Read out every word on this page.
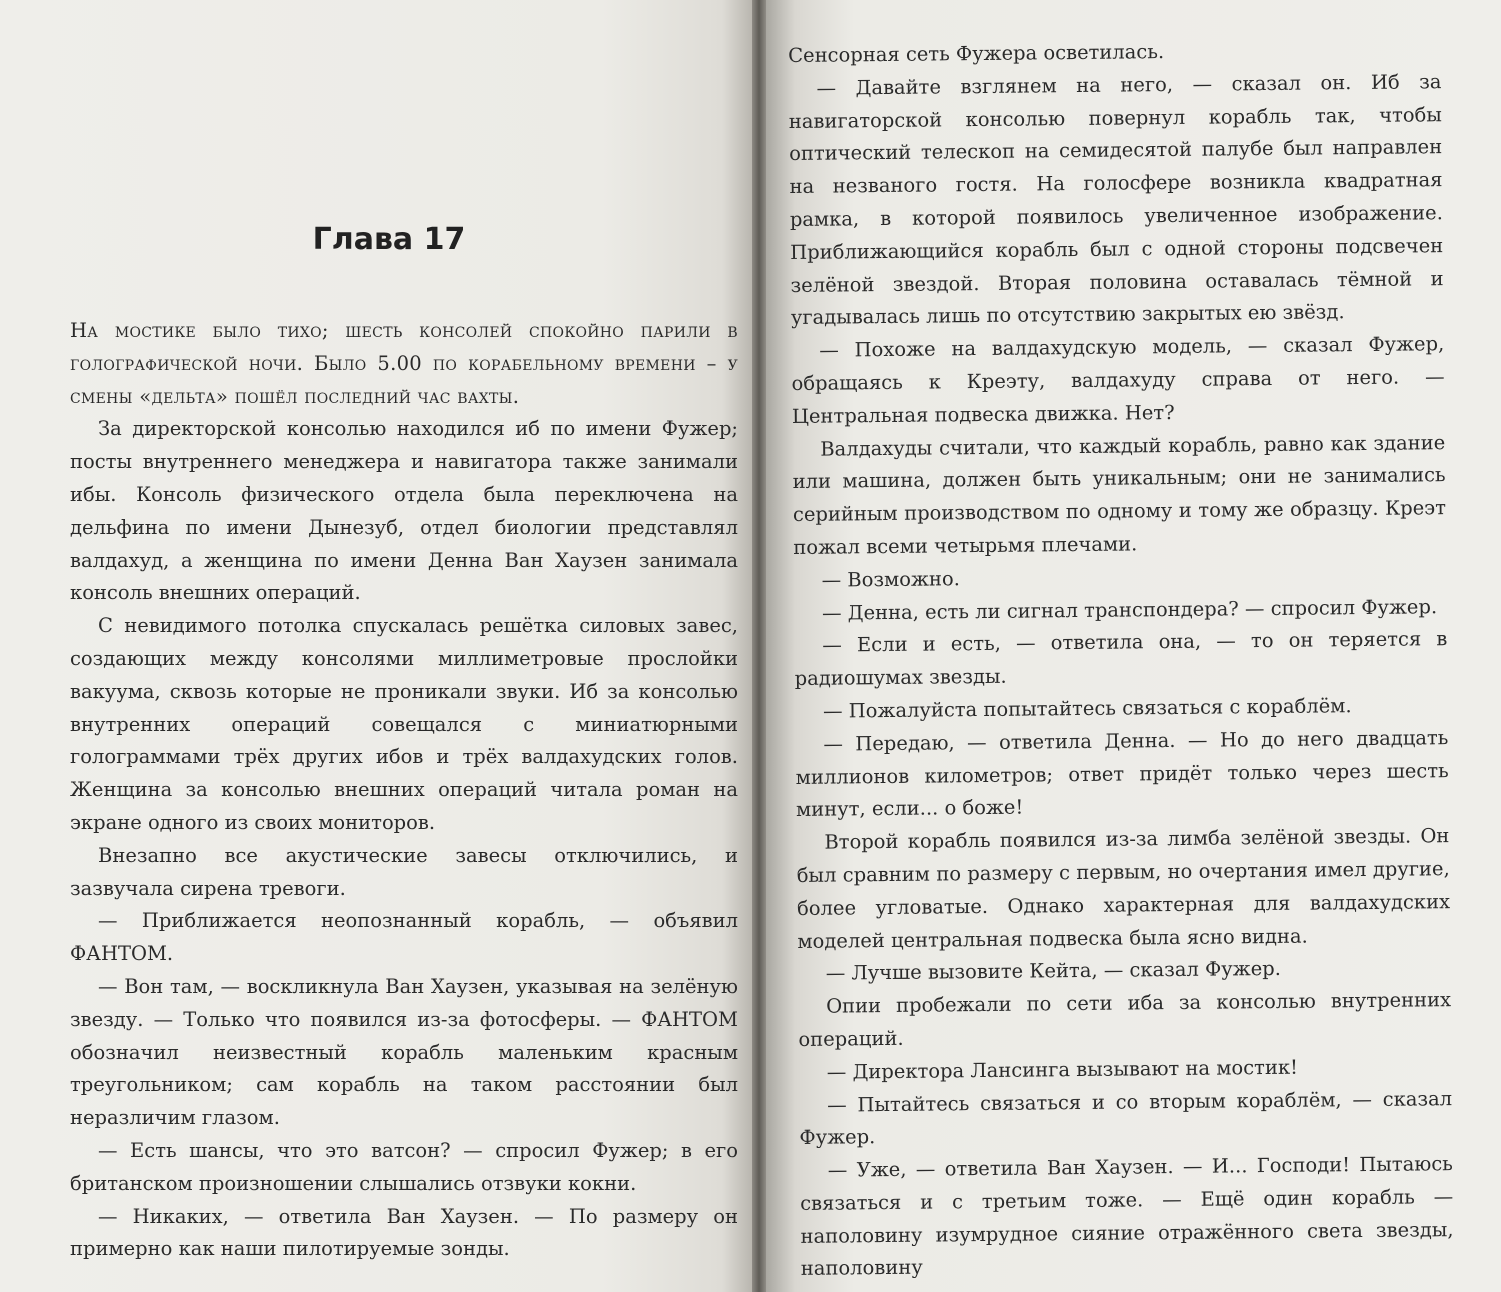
Глава 17

На мостике было тихо; шесть консолей спокойно парили в голографической ночи. Было 5.00 по корабельному времени – у смены «дельта» пошёл последний час вахты.

За директорской консолью находился иб по имени Фужер; посты внутреннего менеджера и навигатора также занимали ибы. Консоль физического отдела была переключена на дельфина по имени Дынезуб, отдел биологии представлял валдахуд, а женщина по имени Денна Ван Хаузен занимала консоль внешних операций.

С невидимого потолка спускалась решётка силовых завес, создающих между консолями миллиметровые прослойки вакуума, сквозь которые не проникали звуки. Иб за консолью внутренних операций совещался с миниатюрными голограммами трёх других ибов и трёх валдахудских голов. Женщина за консолью внешних операций читала роман на экране одного из своих мониторов.

Внезапно все акустические завесы отключились, и зазвучала сирена тревоги.

— Приближается неопознанный корабль, — объявил ФАНТОМ.

— Вон там, — воскликнула Ван Хаузен, указывая на зелёную звезду. — Только что появился из-за фотосферы. — ФАНТОМ обозначил неизвестный корабль маленьким красным треугольником; сам корабль на таком расстоянии был неразличим глазом.

— Есть шансы, что это ватсон? — спросил Фужер; в его британском произношении слышались отзвуки кокни.

— Никаких, — ответила Ван Хаузен. — По размеру он примерно как наши пилотируемые зонды.

Сенсорная сеть Фужера осветилась.

— Давайте взглянем на него, — сказал он. Иб за навигаторской консолью повернул корабль так, чтобы оптический телескоп на семидесятой палубе был направлен на незваного гостя. На голосфере возникла квадратная рамка, в которой появилось увеличенное изображение. Приближающийся корабль был с одной стороны подсвечен зелёной звездой. Вторая половина оставалась тёмной и угадывалась лишь по отсутствию закрытых ею звёзд.

— Похоже на валдахудскую модель, — сказал Фужер, обращаясь к Креэту, валдахуду справа от него. — Центральная подвеска движка. Нет?

Валдахуды считали, что каждый корабль, равно как здание или машина, должен быть уникальным; они не занимались серийным производством по одному и тому же образцу. Креэт пожал всеми четырьмя плечами.

— Возможно.

— Денна, есть ли сигнал транспондера? — спросил Фужер.

— Если и есть, — ответила она, — то он теряется в радиошумах звезды.

— Пожалуйста попытайтесь связаться с кораблём.

— Передаю, — ответила Денна. — Но до него двадцать миллионов километров; ответ придёт только через шесть минут, если... о боже!

Второй корабль появился из-за лимба зелёной звезды. Он был сравним по размеру с первым, но очертания имел другие, более угловатые. Однако характерная для валдахудских моделей центральная подвеска была ясно видна.

— Лучше вызовите Кейта, — сказал Фужер.

Опии пробежали по сети иба за консолью внутренних операций.

— Директора Лансинга вызывают на мостик!

— Пытайтесь связаться и со вторым кораблём, — сказал Фужер.

— Уже, — ответила Ван Хаузен. — И... Господи! Пытаюсь связаться и с третьим тоже. — Ещё один корабль — наполовину изумрудное сияние отражённого света звезды, наполовину
